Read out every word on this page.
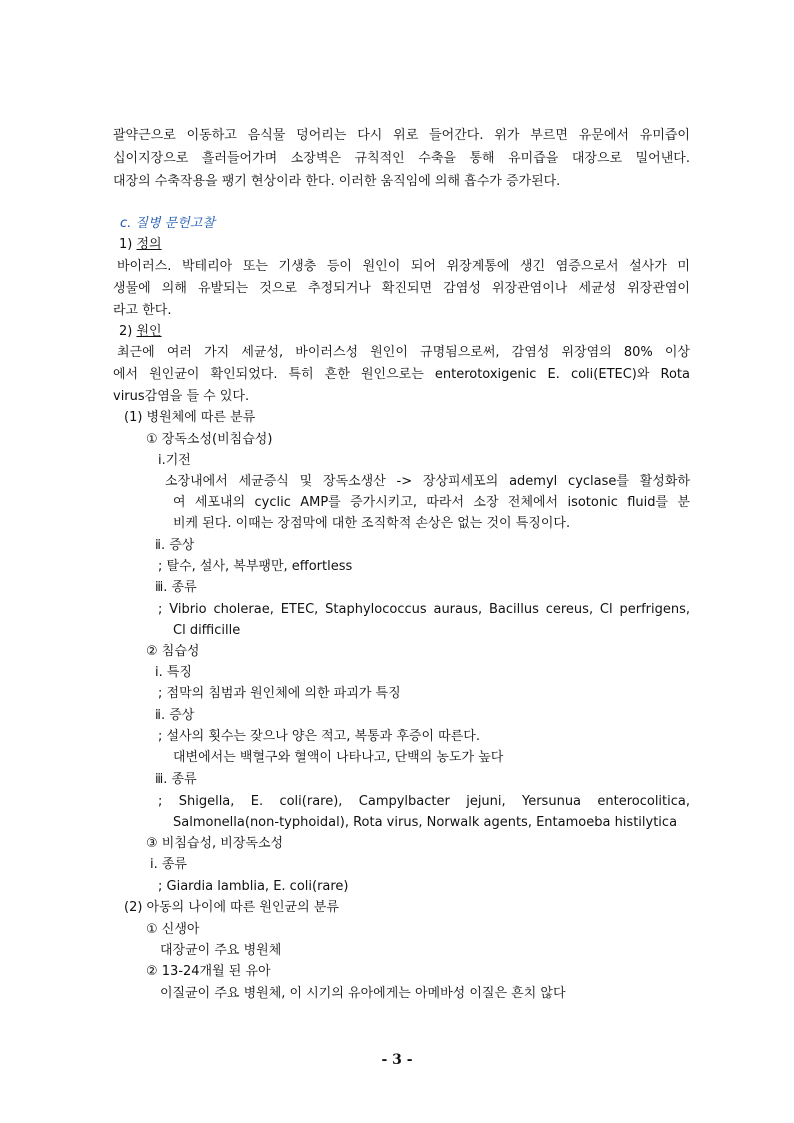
괄약근으로 이동하고 음식물 덩어리는 다시 위로 들어간다. 위가 부르면 유문에서 유미즙이
십이지장으로 흘러들어가며 소장벽은 규칙적인 수축을 통해 유미즙을 대장으로 밀어낸다.
대장의 수축작용을 팽기 현상이라 한다. 이러한 움직임에 의해 흡수가 증가된다.
c. 질병 문헌고찰
1) 정의
바이러스. 박테리아 또는 기생충 등이 원인이 되어 위장계통에 생긴 염증으로서 설사가 미
생물에 의해 유발되는 것으로 추정되거나 확진되면 감염성 위장관염이나 세균성 위장관염이
라고 한다.
2) 원인
최근에 여러 가지 세균성, 바이러스성 원인이 규명됨으로써, 감염성 위장염의 80% 이상
에서 원인균이 확인되었다. 특히 흔한 원인으로는 enterotoxigenic E. coli(ETEC)와 Rota
virus감염을 들 수 있다.
(1) 병원체에 따른 분류
① 장독소성(비침습성)
ⅰ.기전
소장내에서 세균증식 및 장독소생산 -> 장상피세포의 ademyl cyclase를 활성화하
여 세포내의 cyclic AMP를 증가시키고, 따라서 소장 전체에서 isotonic fluid를 분
비케 된다. 이때는 장점막에 대한 조직학적 손상은 없는 것이 특징이다.
ⅱ. 증상
; 탈수, 설사, 복부팽만, effortless
ⅲ. 종류
; Vibrio cholerae, ETEC, Staphylococcus auraus, Bacillus cereus, Cl perfrigens,
Cl difficille
② 침습성
ⅰ. 특징
; 점막의 침범과 원인체에 의한 파괴가 특징
ⅱ. 증상
; 설사의 횟수는 잦으나 양은 적고, 복통과 후증이 따른다.
대변에서는 백혈구와 혈액이 나타나고, 단백의 농도가 높다
ⅲ. 종류
; Shigella, E. coli(rare), Campylbacter jejuni, Yersunua enterocolitica,
Salmonella(non-typhoidal), Rota virus, Norwalk agents, Entamoeba histilytica
③ 비침습성, 비장독소성
ⅰ. 종류
; Giardia lamblia, E. coli(rare)
(2) 아동의 나이에 따른 원인균의 분류
① 신생아
대장균이 주요 병원체
② 13-24개월 된 유아
이질균이 주요 병원체, 이 시기의 유아에게는 아메바성 이질은 흔치 않다
- 3 -
